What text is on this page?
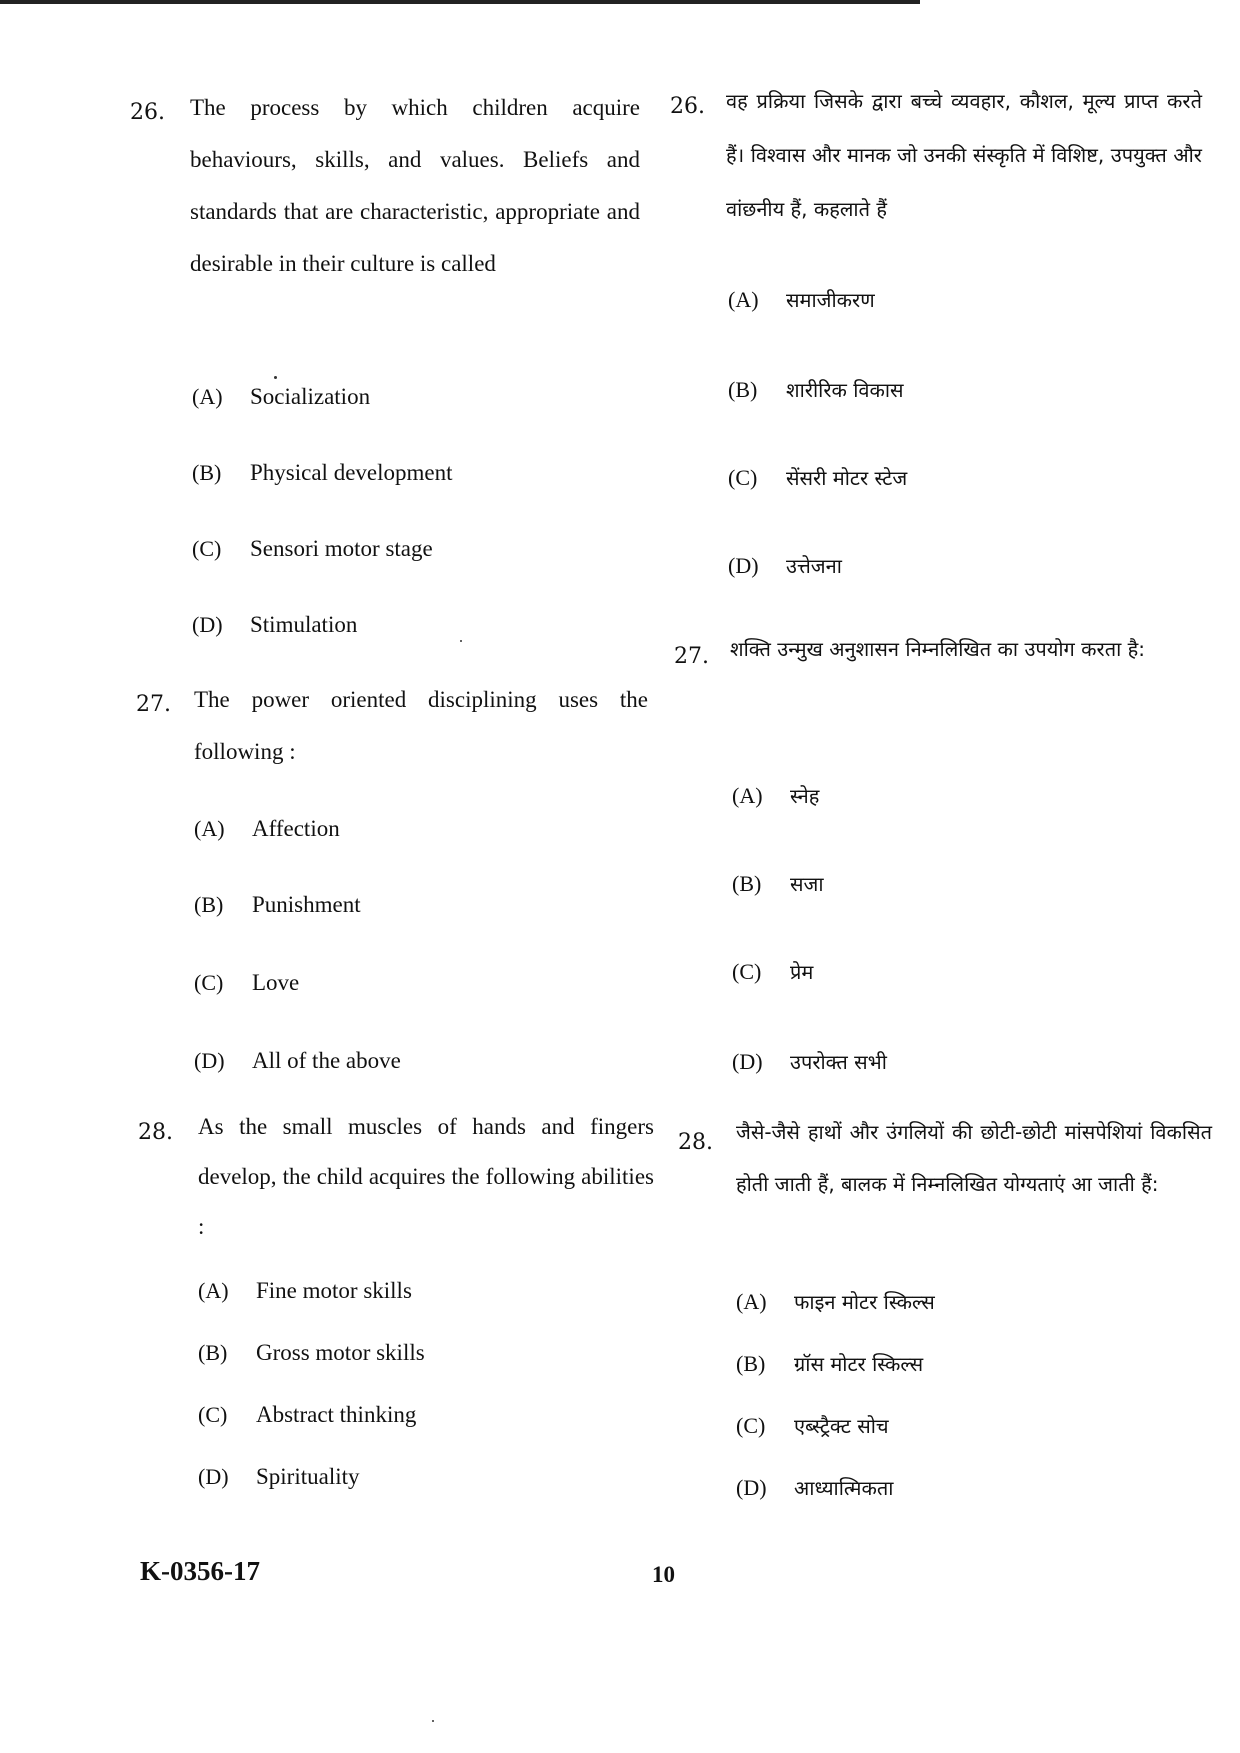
26. The process by which children acquire behaviours, skills, and values. Beliefs and standards that are characteristic, appropriate and desirable in their culture is called
(A) Socialization
(B) Physical development
(C) Sensori motor stage
(D) Stimulation
27. The power oriented disciplining uses the following :
(A) Affection
(B) Punishment
(C) Love
(D) All of the above
28. As the small muscles of hands and fingers develop, the child acquires the following abilities :
(A) Fine motor skills
(B) Gross motor skills
(C) Abstract thinking
(D) Spirituality
26. वह प्रक्रिया जिसके द्वारा बच्चे व्यवहार, कौशल, मूल्य प्राप्त करते हैं। विश्वास और मानक जो उनकी संस्कृति में विशिष्ट, उपयुक्त और वांछनीय हैं, कहलाते हैं
(A) समाजीकरण
(B) शारीरिक विकास
(C) सेंसरी मोटर स्टेज
(D) उत्तेजना
27. शक्ति उन्मुख अनुशासन निम्नलिखित का उपयोग करता है:
(A) स्नेह
(B) सजा
(C) प्रेम
(D) उपरोक्त सभी
28. जैसे-जैसे हाथों और उंगलियों की छोटी-छोटी मांसपेशियां विकसित होती जाती हैं, बालक में निम्नलिखित योग्यताएं आ जाती हैं:
(A) फाइन मोटर स्किल्स
(B) ग्रॉस मोटर स्किल्स
(C) एब्स्ट्रैक्ट सोच
(D) आध्यात्मिकता
K-0356-17	10
